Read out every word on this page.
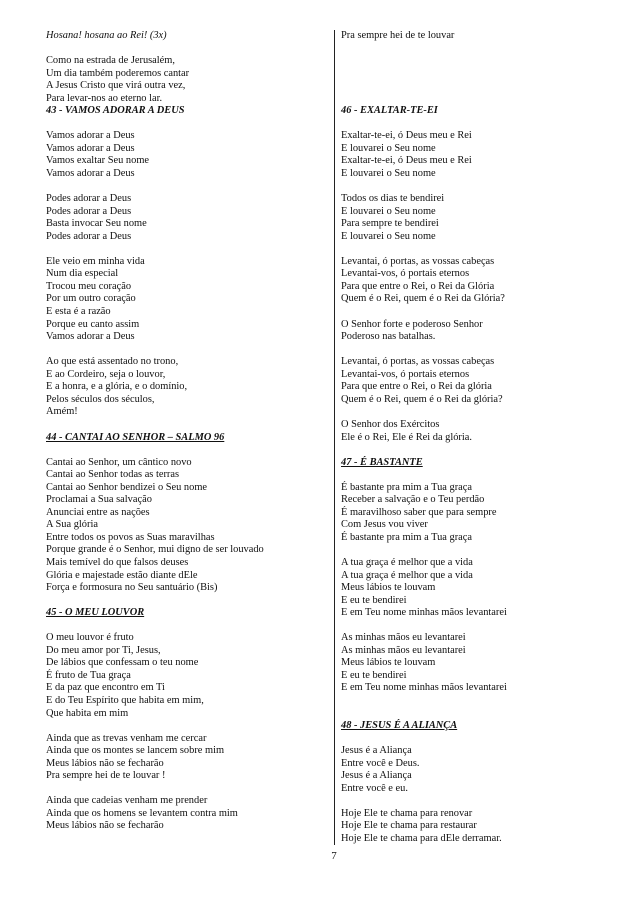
Hosana! hosana ao Rei! (3x)
Como na estrada de Jerusalém,
Um dia também poderemos cantar
A Jesus Cristo que virá outra vez,
Para levar-nos ao eterno lar.
43 - VAMOS ADORAR A DEUS
Vamos adorar a Deus
Vamos adorar a Deus
Vamos exaltar Seu nome
Vamos adorar a Deus
Podes adorar a Deus
Podes adorar a Deus
Basta invocar Seu nome
Podes adorar a Deus
Ele veio em minha vida
Num dia especial
Trocou meu coração
Por um outro coração
E esta é a razão
Porque eu canto assim
Vamos adorar a Deus
Ao que está assentado no trono,
E ao Cordeiro, seja o louvor,
E a honra, e a glória, e o domínio,
Pelos séculos dos séculos,
Amém!
44 - CANTAI AO SENHOR – SALMO 96
Cantai ao Senhor, um cântico novo
Cantai ao Senhor todas as terras
Cantai ao Senhor bendizei o Seu nome
Proclamai a Sua salvação
Anunciai entre as nações
A Sua glória
Entre todos os povos as Suas maravilhas
Porque grande é o Senhor, mui digno de ser louvado
Mais temível do que falsos deuses
Glória e majestade estão diante dEle
Força e formosura no Seu santuário (Bis)
45 - O MEU LOUVOR
O meu louvor é fruto
Do meu amor por Ti, Jesus,
De lábios que confessam o teu nome
É fruto de Tua graça
E da paz que encontro em Ti
E do Teu Espírito que habita em mim,
Que habita em mim
Ainda que as trevas venham me cercar
Ainda que os montes se lancem sobre mim
Meus lábios não se fecharão
Pra sempre hei de te louvar !
Ainda que cadeias venham me prender
Ainda que os homens se levantem contra mim
Meus lábios não se fecharão
Pra sempre hei de te louvar
46 - EXALTAR-TE-EI
Exaltar-te-ei, ó Deus meu e Rei
E louvarei o Seu nome
Exaltar-te-ei, ó Deus meu e Rei
E louvarei o Seu nome
Todos os dias te bendirei
E louvarei o Seu nome
Para sempre te bendirei
E louvarei o Seu nome
Levantai, ó portas, as vossas cabeças
Levantai-vos, ó portais eternos
Para que entre o Rei, o Rei da Glória
Quem é o Rei, quem é o Rei da Glória?
O Senhor forte e poderoso Senhor
Poderoso nas batalhas.
Levantai, ó portas, as vossas cabeças
Levantai-vos, ó portais eternos
Para que entre o Rei, o Rei da glória
Quem é o Rei, quem é o Rei da glória?
O Senhor dos Exércitos
Ele é o Rei, Ele é Rei da glória.
47 - É BASTANTE
É bastante pra mim a Tua graça
Receber a salvação e o Teu perdão
É maravilhoso saber que para sempre
Com Jesus vou viver
É bastante pra mim a Tua graça
A tua graça é melhor que a vida
A tua graça é melhor que a vida
Meus lábios te louvam
E eu te bendirei
E em Teu nome minhas mãos levantarei
As minhas mãos eu levantarei
As minhas mãos eu levantarei
Meus lábios te louvam
E eu te bendirei
E em Teu nome minhas mãos levantarei
48 - JESUS É A ALIANÇA
Jesus é a Aliança
Entre você e Deus.
Jesus é a Aliança
Entre você e eu.
Hoje Ele te chama para renovar
Hoje Ele te chama para restaurar
Hoje Ele te chama para dEle derramar.
7
